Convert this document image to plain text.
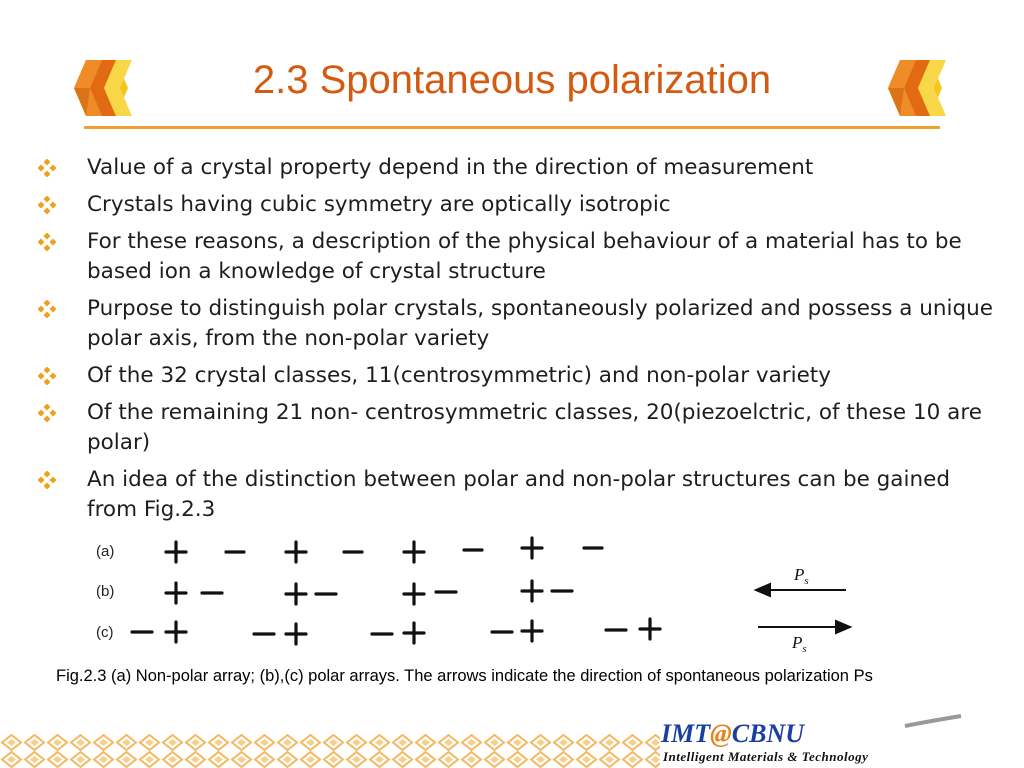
2.3 Spontaneous polarization
Value of a crystal property depend in the direction of measurement
Crystals having cubic symmetry are optically isotropic
For these reasons, a description of the physical behaviour of a material has to be based ion a knowledge of crystal structure
Purpose to distinguish polar crystals, spontaneously polarized and possess a unique polar axis, from the non-polar variety
Of the 32 crystal classes, 11(centrosymmetric) and non-polar variety
Of the remaining 21 non- centrosymmetric classes, 20(piezoelctric, of these 10 are polar)
An idea of the distinction between polar and non-polar structures can be gained from Fig.2.3
(a)
(b)
(c)
$P_s$
$P_s$
Fig.2.3 (a) Non-polar array; (b),(c) polar arrays. The arrows indicate the direction of spontaneous polarization Ps
IMT@CBNU
Intelligent Materials & Technology
